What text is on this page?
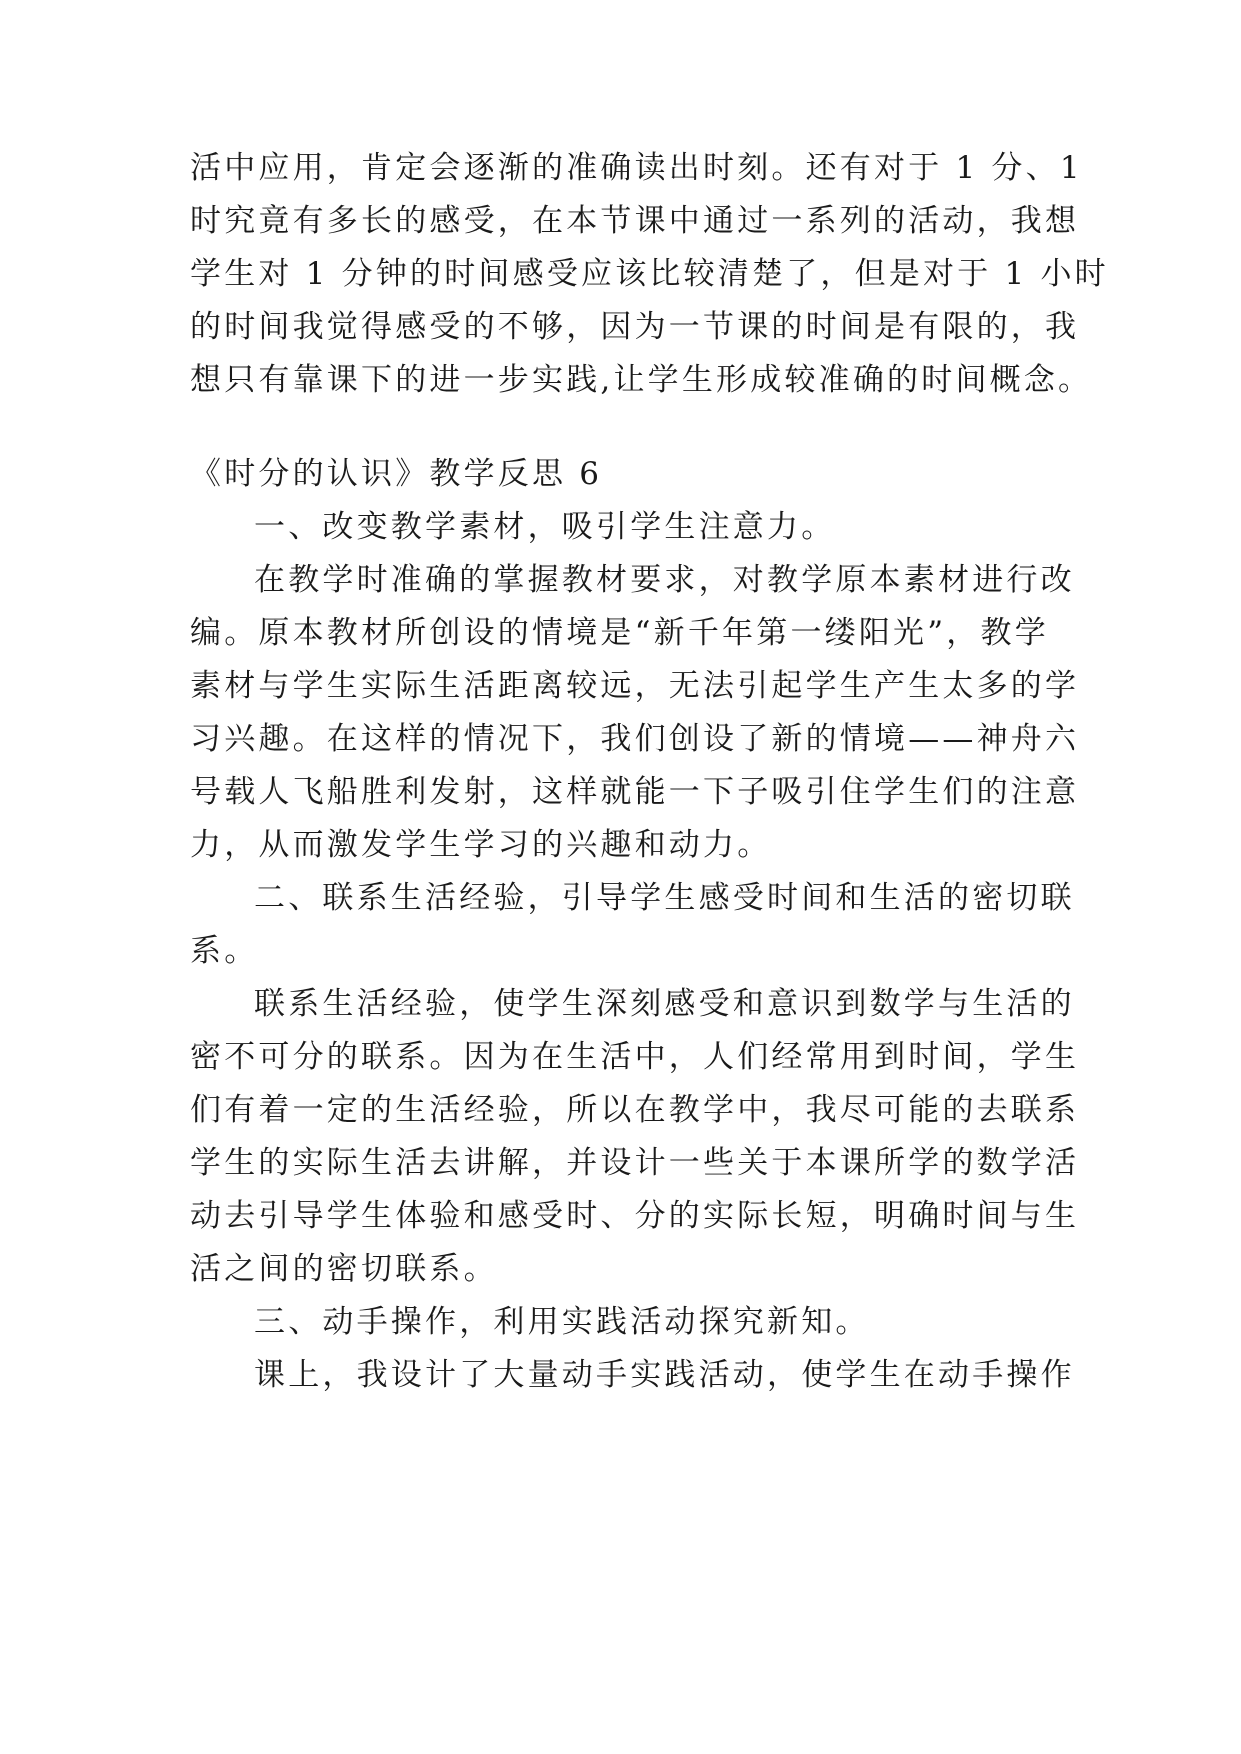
活中应用，肯定会逐渐的准确读出时刻。还有对于 1 分、1
时究竟有多长的感受，在本节课中通过一系列的活动，我想
学生对 1 分钟的时间感受应该比较清楚了，但是对于 1 小时
的时间我觉得感受的不够，因为一节课的时间是有限的，我
想只有靠课下的进一步实践,让学生形成较准确的时间概念。
《时分的认识》教学反思 6
一、改变教学素材，吸引学生注意力。
在教学时准确的掌握教材要求，对教学原本素材进行改
编。原本教材所创设的情境是“新千年第一缕阳光”，教学
素材与学生实际生活距离较远，无法引起学生产生太多的学
习兴趣。在这样的情况下，我们创设了新的情境——神舟六
号载人飞船胜利发射，这样就能一下子吸引住学生们的注意
力，从而激发学生学习的兴趣和动力。
二、联系生活经验，引导学生感受时间和生活的密切联
系。
联系生活经验，使学生深刻感受和意识到数学与生活的
密不可分的联系。因为在生活中，人们经常用到时间，学生
们有着一定的生活经验，所以在教学中，我尽可能的去联系
学生的实际生活去讲解，并设计一些关于本课所学的数学活
动去引导学生体验和感受时、分的实际长短，明确时间与生
活之间的密切联系。
三、动手操作，利用实践活动探究新知。
课上，我设计了大量动手实践活动，使学生在动手操作
